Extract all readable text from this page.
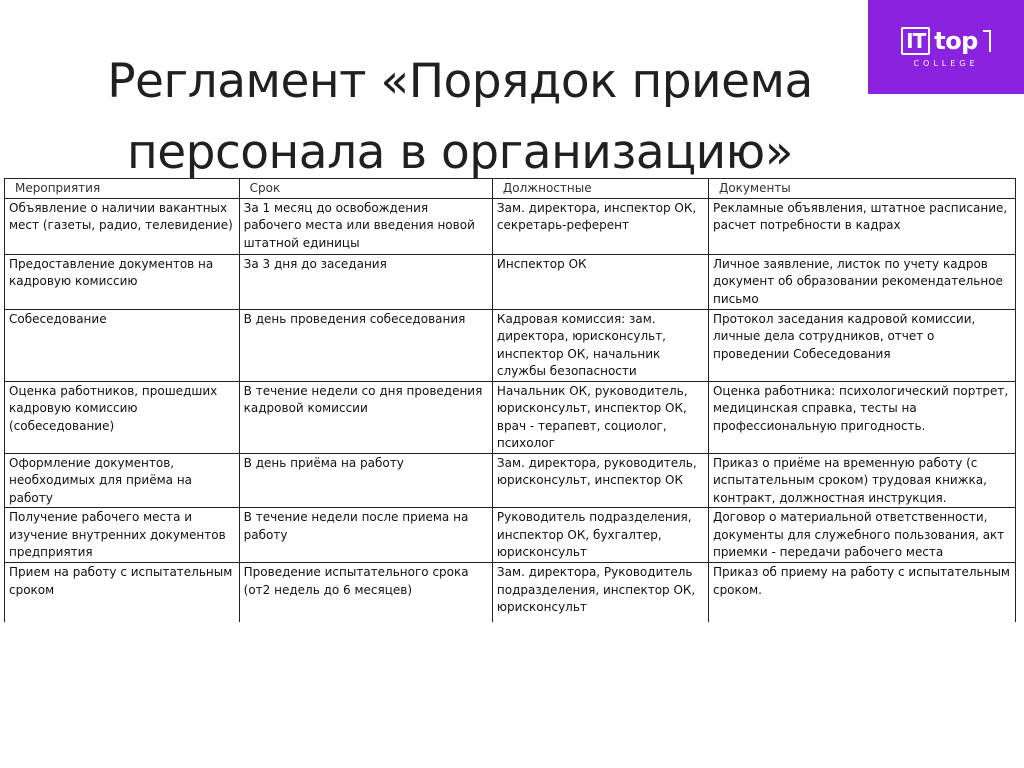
Регламент «Порядок приема
персонала в организацию»
IT top
COLLEGE
Мероприятия	Срок	Должностные	Документы
Объявление о наличии вакантных мест (газеты, радио, телевидение)	За 1 месяц до освобождения рабочего места или введения новой штатной единицы	Зам. директора, инспектор ОК, секретарь-референт	Рекламные объявления, штатное расписание, расчет потребности в кадрах
Предоставление документов на кадровую комиссию	За 3 дня до заседания	Инспектор ОК	Личное заявление, листок по учету кадров документ об образовании рекомендательное письмо
Собеседование	В день проведения собеседования	Кадровая комиссия: зам. директора, юрисконсульт, инспектор ОК, начальник службы безопасности	Протокол заседания кадровой комиссии, личные дела сотрудников, отчет о проведении Собеседования
Оценка работников, прошедших кадровую комиссию (собеседование)	В течение недели со дня проведения кадровой комиссии	Начальник ОК, руководитель, юрисконсульт, инспектор ОК, врач - терапевт, социолог, психолог	Оценка работника: психологический портрет, медицинская справка, тесты на профессиональную пригодность.
Оформление документов, необходимых для приёма на работу	В день приёма на работу	Зам. директора, руководитель, юрисконсульт, инспектор ОК	Приказ о приёме на временную работу (с испытательным сроком) трудовая книжка, контракт, должностная инструкция.
Получение рабочего места и изучение внутренних документов предприятия	В течение недели после приема на работу	Руководитель подразделения, инспектор ОК, бухгалтер, юрисконсульт	Договор о материальной ответственности, документы для служебного пользования, акт приемки - передачи рабочего места
Прием на работу с испытательным сроком	Проведение испытательного срока (от2 недель до 6 месяцев)	Зам. директора, Руководитель подразделения, инспектор ОК, юрисконсульт	Приказ об приему на работу с испытательным сроком.
